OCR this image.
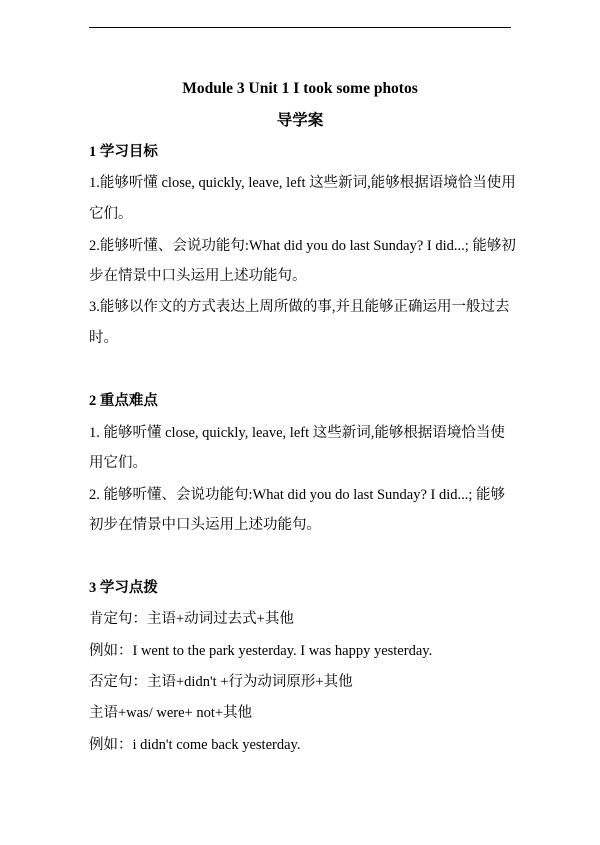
Module 3 Unit 1 I took some photos
导学案
1 学习目标
1.能够听懂 close, quickly, leave, left 这些新词,能够根据语境恰当使用
它们。
2.能够听懂、会说功能句:What did you do last Sunday? I did...; 能够初
步在情景中口头运用上述功能句。
3.能够以作文的方式表达上周所做的事,并且能够正确运用一般过去
时。
2 重点难点
1. 能够听懂 close, quickly, leave, left 这些新词,能够根据语境恰当使
用它们。
2. 能够听懂、会说功能句:What did you do last Sunday? I did...; 能够
初步在情景中口头运用上述功能句。
3 学习点拨
肯定句：主语+动词过去式+其他
例如：I went to the park yesterday. I was happy yesterday.
否定句：主语+didn't +行为动词原形+其他
主语+was/ were+ not+其他
例如：i didn't come back yesterday.
